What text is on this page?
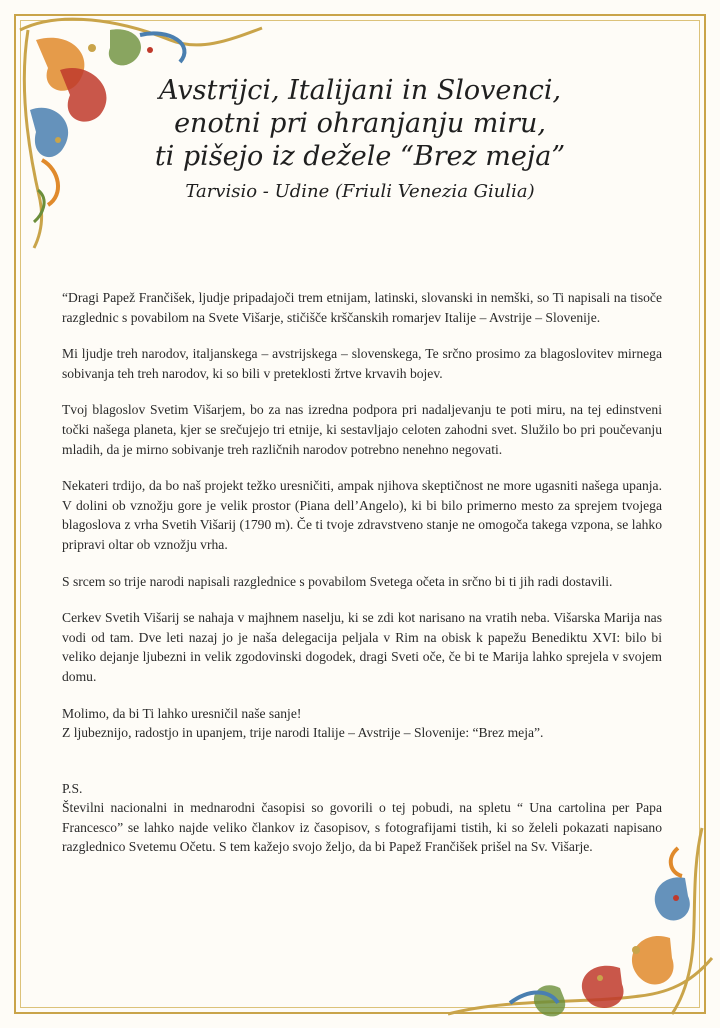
Avstrijci, Italijani in Slovenci,
enotni pri ohranjanju miru,
ti pišejo iz dežele “Brez meja”
Tarvisio - Udine (Friuli Venezia Giulia)

“Dragi Papež Frančišek, ljudje pripadajoči trem etnijam, latinski, slovanski in nemški, so Ti napisali na tisoče razglednic s povabilom na Svete Višarje, stičišče krščanskih romarjev Italije – Avstrije – Slovenije.

Mi ljudje treh narodov, italjanskega – avstrijskega – slovenskega, Te srčno prosimo za blagoslovitev mirnega sobivanja teh treh narodov, ki so bili v preteklosti žrtve krvavih bojev.

Tvoj blagoslov Svetim Višarjem, bo za nas izredna podpora pri nadaljevanju te poti miru, na tej edinstveni točki našega planeta, kjer se srečujejo tri etnije, ki sestavljajo celoten zahodni svet. Služilo bo pri poučevanju mladih, da je mirno sobivanje treh različnih narodov potrebno nenehno negovati.

Nekateri trdijo, da bo naš projekt težko uresničiti, ampak njihova skeptičnost ne more ugasniti našega upanja. V dolini ob vznožju gore je velik prostor (Piana dell’Angelo), ki bi bilo primerno mesto za sprejem tvojega blagoslova z vrha Svetih Višarij (1790 m). Če ti tvoje zdravstveno stanje ne omogoča takega vzpona, se lahko pripravi oltar ob vznožju vrha.

S srcem so trije narodi napisali razglednice s povabilom Svetega očeta in srčno bi ti jih radi dostavili.

Cerkev Svetih Višarij se nahaja v majhnem naselju, ki se zdi kot narisano na vratih neba. Višarska Marija nas vodi od tam. Dve leti nazaj jo je naša delegacija peljala v Rim na obisk k papežu Benediktu XVI: bilo bi veliko dejanje ljubezni in velik zgodovinski dogodek, dragi Sveti oče, če bi te Marija lahko sprejela v svojem domu.

Molimo, da bi Ti lahko uresničil naše sanje!
Z ljubeznijo, radostjo in upanjem, trije narodi Italije – Avstrije – Slovenije: “Brez meja”.
P.S.
Številni nacionalni in mednarodni časopisi so govorili o tej pobudi, na spletu “ Una cartolina per Papa Francesco” se lahko najde veliko člankov iz časopisov, s fotografijami tistih, ki so želeli pokazati napisano razglednico Svetemu Očetu. S tem kažejo svojo željo, da bi Papež Frančišek prišel na Sv. Višarje.
